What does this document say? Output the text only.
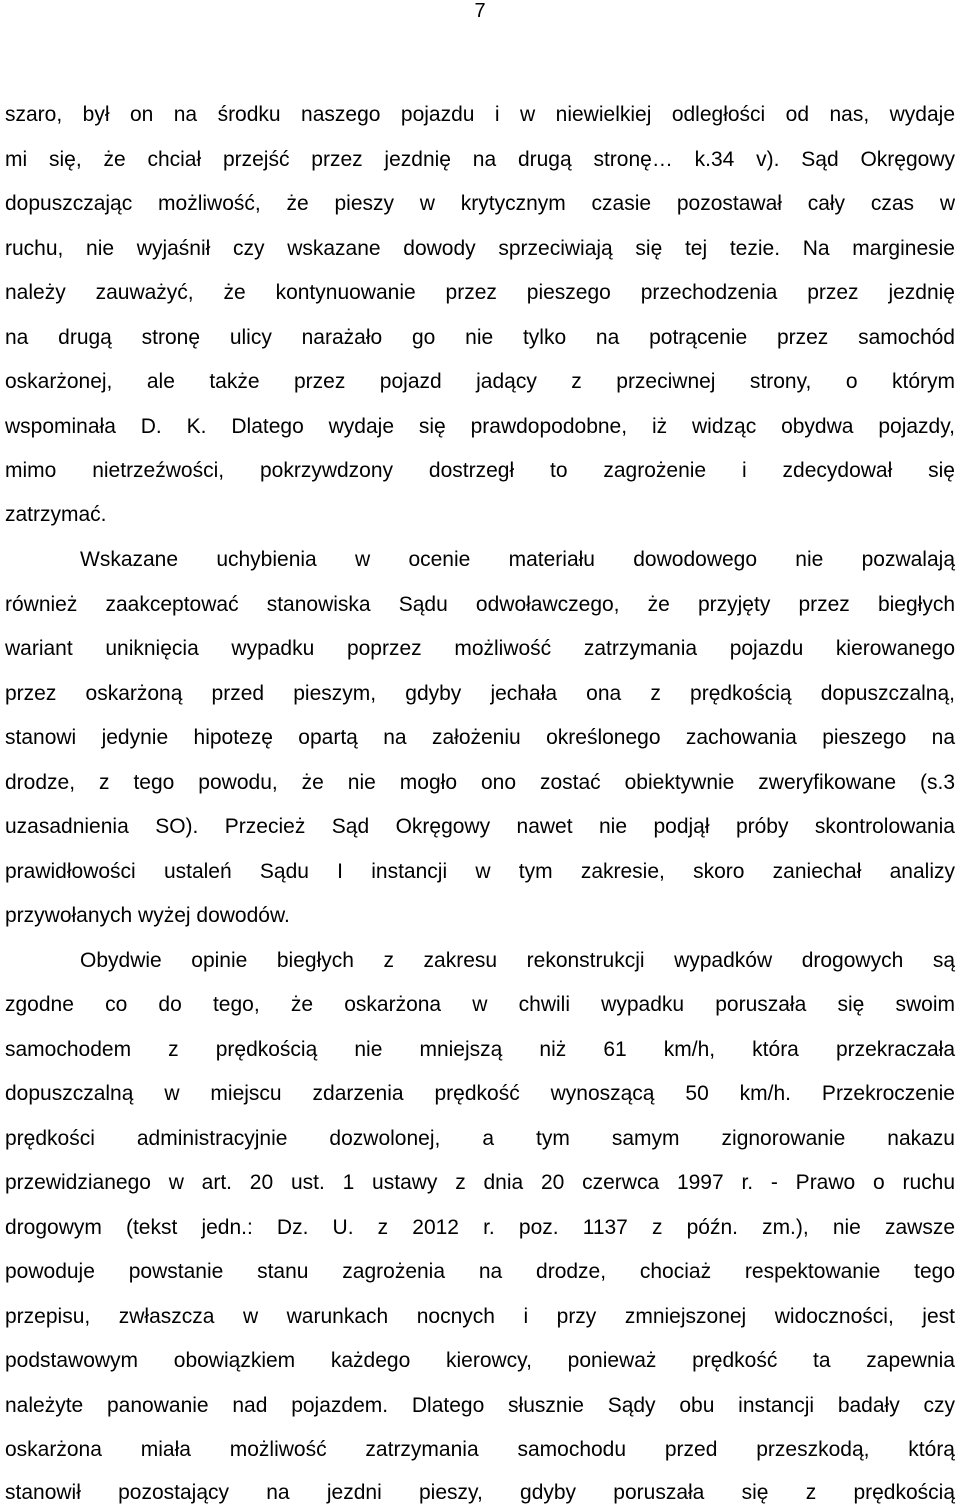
7
szaro, był on na środku naszego pojazdu i w niewielkiej odległości od nas, wydaje
mi się, że chciał przejść przez jezdnię na drugą stronę… k.34 v). Sąd Okręgowy
dopuszczając możliwość, że pieszy w krytycznym czasie pozostawał cały czas w
ruchu, nie wyjaśnił czy wskazane dowody sprzeciwiają się tej tezie. Na marginesie
należy zauważyć, że kontynuowanie przez pieszego przechodzenia przez jezdnię
na drugą stronę ulicy narażało go nie tylko na potrącenie przez samochód
oskarżonej, ale także przez pojazd jadący z przeciwnej strony, o którym
wspominała D. K. Dlatego wydaje się prawdopodobne, iż widząc obydwa pojazdy,
mimo nietrzeźwości, pokrzywdzony dostrzegł to zagrożenie i zdecydował się
zatrzymać.
Wskazane uchybienia w ocenie materiału dowodowego nie pozwalają
również zaakceptować stanowiska Sądu odwoławczego, że przyjęty przez biegłych
wariant uniknięcia wypadku poprzez możliwość zatrzymania pojazdu kierowanego
przez oskarżoną przed pieszym, gdyby jechała ona z prędkością dopuszczalną,
stanowi jedynie hipotezę opartą na założeniu określonego zachowania pieszego na
drodze, z tego powodu, że nie mogło ono zostać obiektywnie zweryfikowane (s.3
uzasadnienia SO). Przecież Sąd Okręgowy nawet nie podjął próby skontrolowania
prawidłowości ustaleń Sądu I instancji w tym zakresie, skoro zaniechał analizy
przywołanych wyżej dowodów.
Obydwie opinie biegłych z zakresu rekonstrukcji wypadków drogowych są
zgodne co do tego, że oskarżona w chwili wypadku poruszała się swoim
samochodem z prędkością nie mniejszą niż 61 km/h, która przekraczała
dopuszczalną w miejscu zdarzenia prędkość wynoszącą 50 km/h. Przekroczenie
prędkości administracyjnie dozwolonej, a tym samym zignorowanie nakazu
przewidzianego w art. 20 ust. 1 ustawy z dnia 20 czerwca 1997 r. - Prawo o ruchu
drogowym (tekst jedn.: Dz. U. z 2012 r. poz. 1137 z późn. zm.), nie zawsze
powoduje powstanie stanu zagrożenia na drodze, chociaż respektowanie tego
przepisu, zwłaszcza w warunkach nocnych i przy zmniejszonej widoczności, jest
podstawowym obowiązkiem każdego kierowcy, ponieważ prędkość ta zapewnia
należyte panowanie nad pojazdem. Dlatego słusznie Sądy obu instancji badały czy
oskarżona miała możliwość zatrzymania samochodu przed przeszkodą, którą
stanowił pozostający na jezdni pieszy, gdyby poruszała się z prędkością
